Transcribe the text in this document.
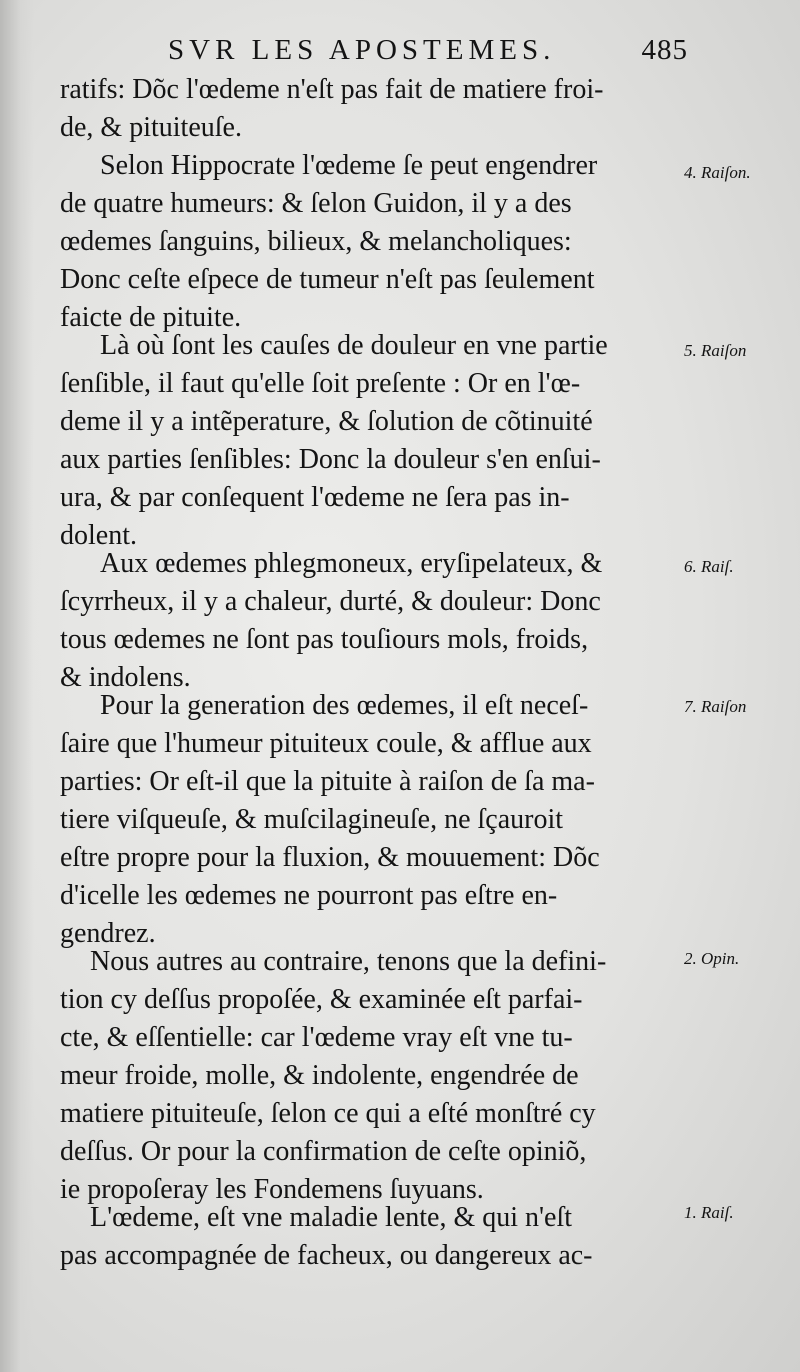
SVR LES APOSTEMES.	485
ratifs: Dõc l'œdeme n'eſt pas fait de matiere froi-
de, & pituiteuſe.
Selon Hippocrate l'œdeme ſe peut engendrer
de quatre humeurs: & ſelon Guidon, il y a des
œdemes ſanguins, bilieux, & melancholiques:
Donc ceſte eſpece de tumeur n'eſt pas ſeulement
faicte de pituite.
Là où ſont les cauſes de douleur en vne partie
ſenſible, il faut qu'elle ſoit preſente : Or en l'œ-
deme il y a intẽperature, & ſolution de cõtinuité
aux parties ſenſibles: Donc la douleur s'en enſui-
ura, & par conſequent l'œdeme ne ſera pas in-
dolent.
Aux œdemes phlegmoneux, eryſipelateux, &
ſcyrrheux, il y a chaleur, durté, & douleur: Donc
tous œdemes ne ſont pas touſiours mols, froids,
& indolens.
Pour la generation des œdemes, il eſt neceſ-
ſaire que l'humeur pituiteux coule, & afflue aux
parties: Or eſt-il que la pituite à raiſon de ſa ma-
tiere viſqueuſe, & muſcilagineuſe, ne ſçauroit
eſtre propre pour la fluxion, & mouuement: Dõc
d'icelle les œdemes ne pourront pas eſtre en-
gendrez.
Nous autres au contraire, tenons que la defini-
tion cy deſſus propoſée, & examinée eſt parfai-
cte, & eſſentielle: car l'œdeme vray eſt vne tu-
meur froide, molle, & indolente, engendrée de
matiere pituiteuſe, ſelon ce qui a eſté monſtré cy
deſſus. Or pour la confirmation de ceſte opiniõ,
ie propoſeray les Fondemens ſuyuans.
L'œdeme, eſt vne maladie lente, & qui n'eſt
pas accompagnée de facheux, ou dangereux ac-
4. Raiſon.
5. Raiſon
6. Raiſ.
7. Raiſon
2. Opin.
1. Raiſ.
